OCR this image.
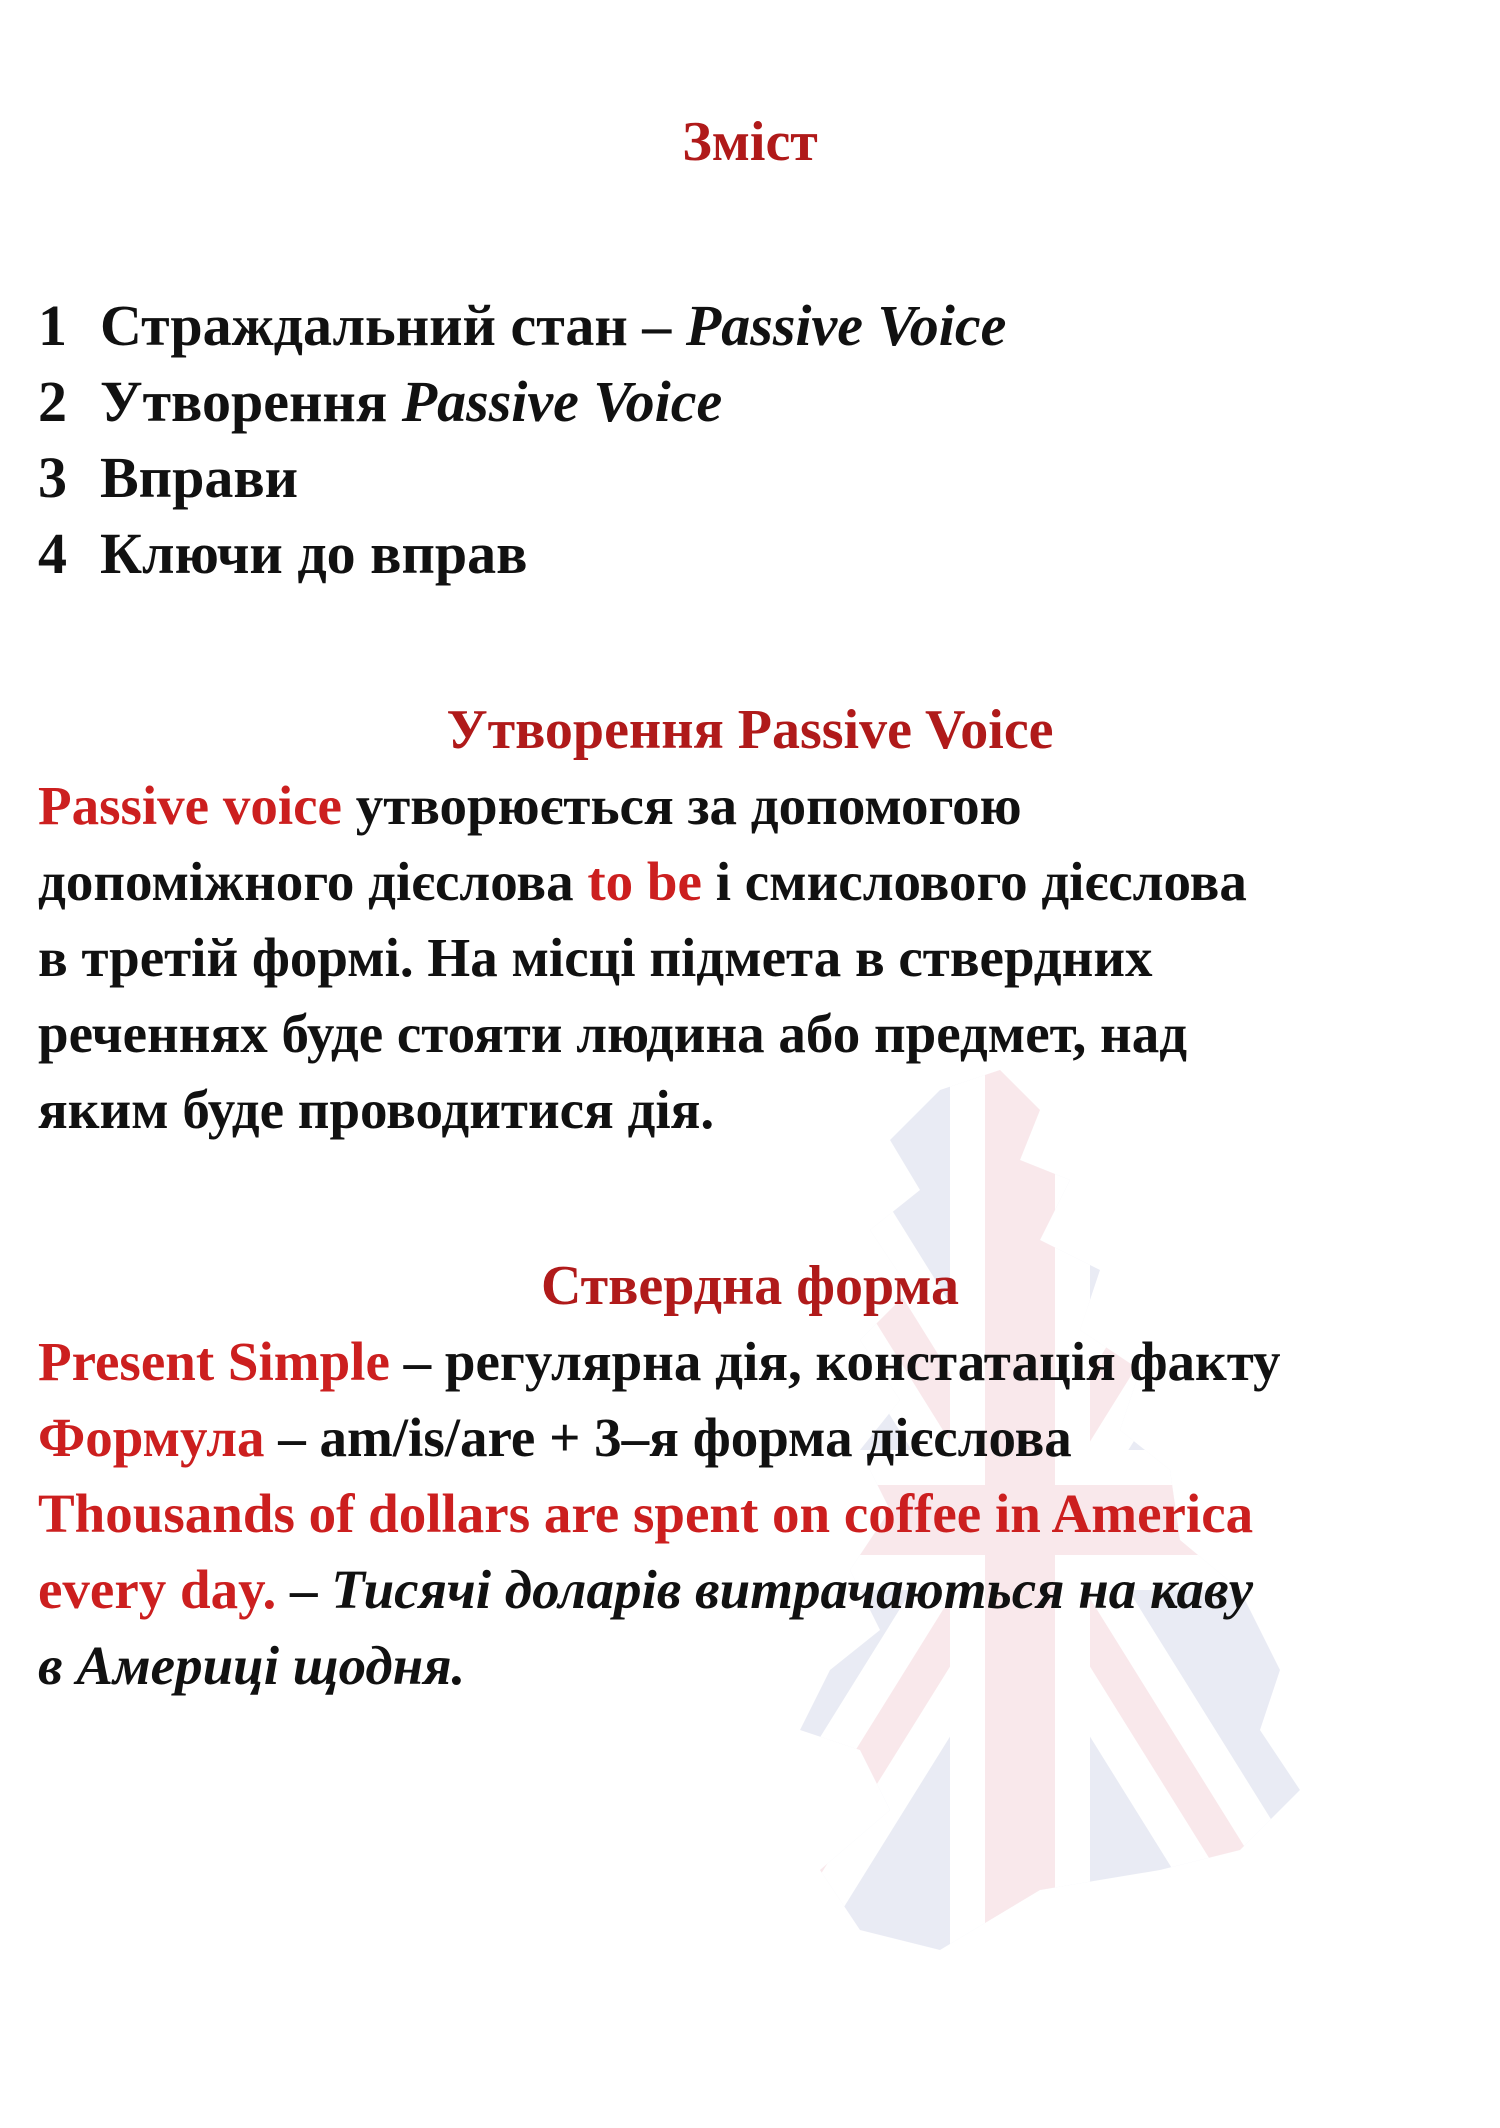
Зміст
1 Страждальний стан – Passive Voice
2 Утворення Passive Voice
3 Вправи
4 Ключи до вправ
Утворення Passive Voice

Passive voice утворюється за допомогою
допоміжного дієслова to be і смислового дієслова
в третій формі. На місці підмета в ствердних
реченнях буде стояти людина або предмет, над
яким буде проводитися дія.

Ствердна форма

Present Simple – регулярна дія, констатація факту
Формула – am/is/are + 3–я форма дієслова
Thousands of dollars are spent on coffee in America
every day. – Тисячі доларів витрачаються на каву
в Америці щодня.
